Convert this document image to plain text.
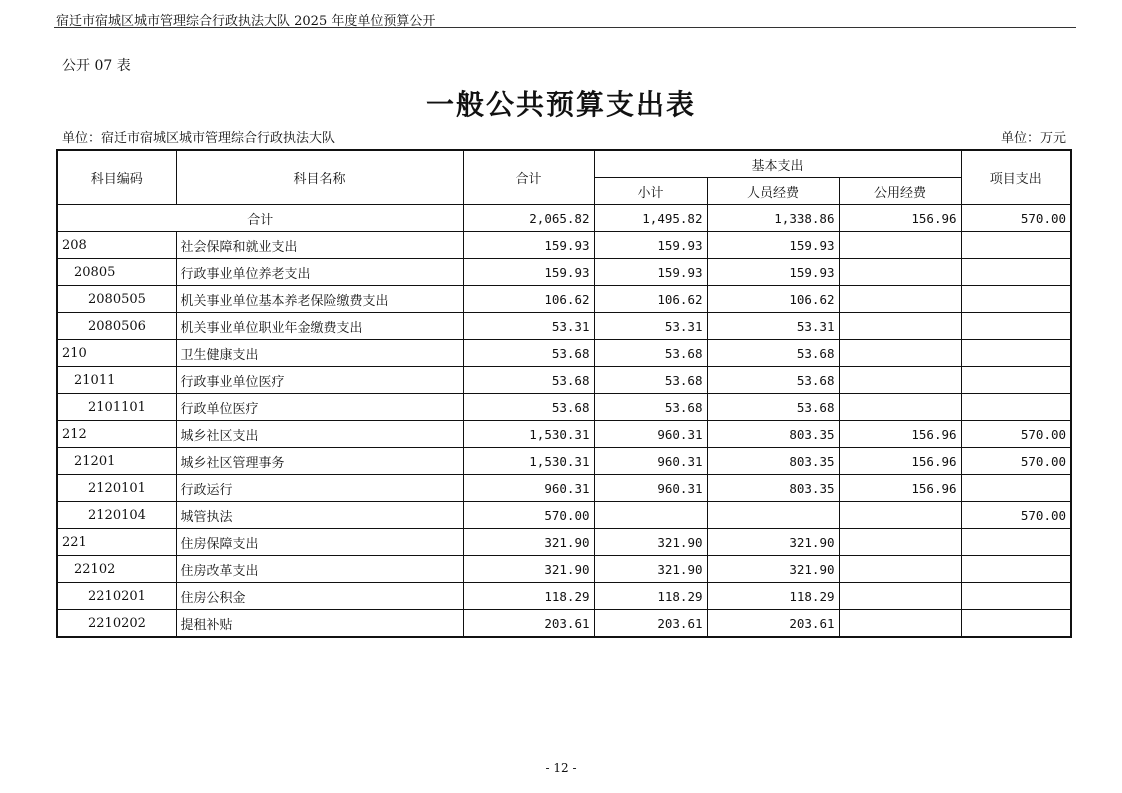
宿迁市宿城区城市管理综合行政执法大队 2025 年度单位预算公开
公开 07 表
一般公共预算支出表
单位：宿迁市宿城区城市管理综合行政执法大队	单位：万元
科目编码	科目名称	合计	基本支出			项目支出
			小计	人员经费	公用经费	
合计		2,065.82	1,495.82	1,338.86	156.96	570.00
208	社会保障和就业支出	159.93	159.93	159.93		
20805	行政事业单位养老支出	159.93	159.93	159.93		
2080505	机关事业单位基本养老保险缴费支出	106.62	106.62	106.62		
2080506	机关事业单位职业年金缴费支出	53.31	53.31	53.31		
210	卫生健康支出	53.68	53.68	53.68		
21011	行政事业单位医疗	53.68	53.68	53.68		
2101101	行政单位医疗	53.68	53.68	53.68		
212	城乡社区支出	1,530.31	960.31	803.35	156.96	570.00
21201	城乡社区管理事务	1,530.31	960.31	803.35	156.96	570.00
2120101	行政运行	960.31	960.31	803.35	156.96	
2120104	城管执法	570.00				570.00
221	住房保障支出	321.90	321.90	321.90		
22102	住房改革支出	321.90	321.90	321.90		
2210201	住房公积金	118.29	118.29	118.29		
2210202	提租补贴	203.61	203.61	203.61		
- 12 -
